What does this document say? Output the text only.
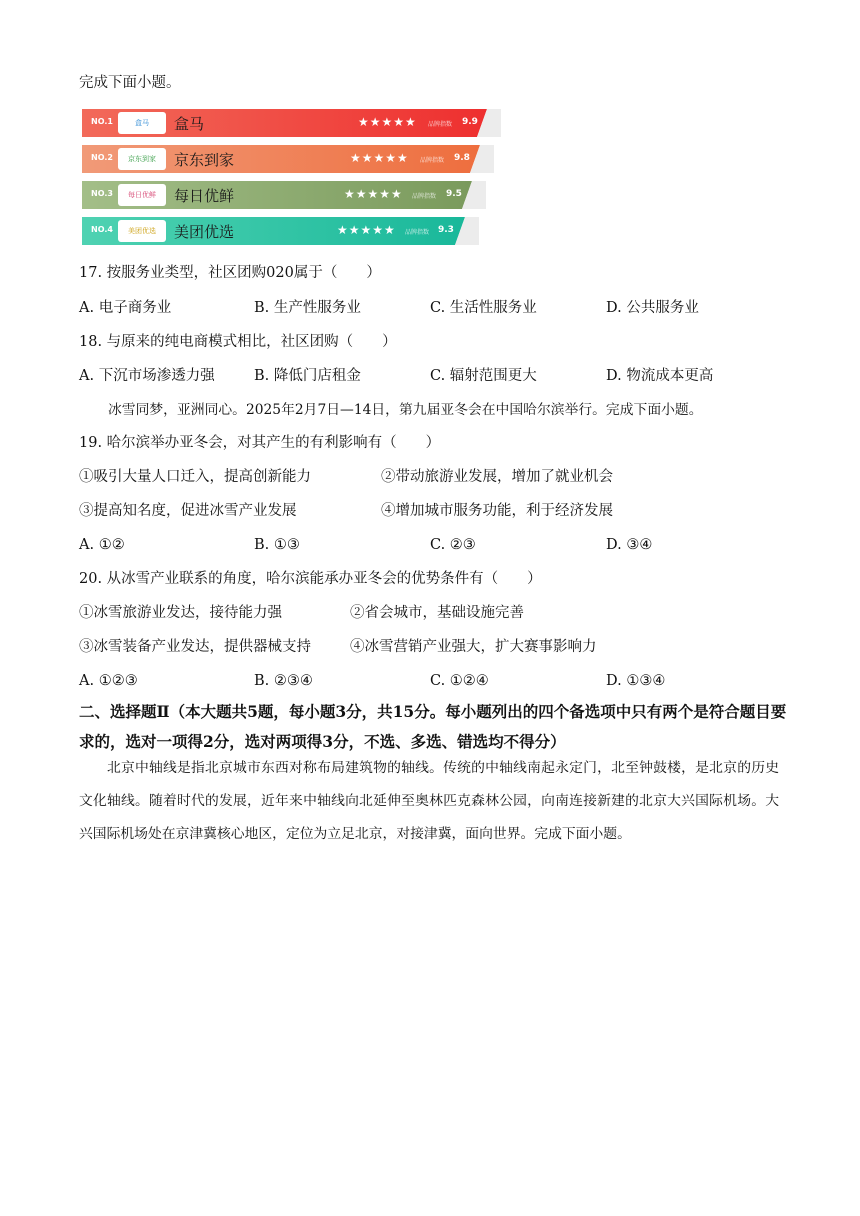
完成下面小题。
NO.1	盒马	盒马	★★★★★ 品牌指数 9.9
NO.2	京东到家	京东到家	★★★★★ 品牌指数 9.8
NO.3	每日优鲜	每日优鲜	★★★★★ 品牌指数 9.5
NO.4	美团优选	美团优选	★★★★★ 品牌指数 9.3
17. 按服务业类型，社区团购020属于（　　）
A. 电子商务业	B. 生产性服务业	C. 生活性服务业	D. 公共服务业
18. 与原来的纯电商模式相比，社区团购（　　）
A. 下沉市场渗透力强	B. 降低门店租金	C. 辐射范围更大	D. 物流成本更高
冰雪同梦，亚洲同心。2025年2月7日—14日，第九届亚冬会在中国哈尔滨举行。完成下面小题。
19. 哈尔滨举办亚冬会，对其产生的有利影响有（　　）
①吸引大量人口迁入，提高创新能力	②带动旅游业发展，增加了就业机会
③提高知名度，促进冰雪产业发展	④增加城市服务功能，利于经济发展
A. ①②	B. ①③	C. ②③	D. ③④
20. 从冰雪产业联系的角度，哈尔滨能承办亚冬会的优势条件有（　　）
①冰雪旅游业发达，接待能力强	②省会城市，基础设施完善
③冰雪装备产业发达，提供器械支持	④冰雪营销产业强大，扩大赛事影响力
A. ①②③	B. ②③④	C. ①②④	D. ①③④
二、选择题Ⅱ（本大题共5题，每小题3分，共15分。每小题列出的四个备选项中只有两个是符合题目要求的，选对一项得2分，选对两项得3分，不选、多选、错选均不得分）
北京中轴线是指北京城市东西对称布局建筑物的轴线。传统的中轴线南起永定门，北至钟鼓楼，是北京的历史文化轴线。随着时代的发展，近年来中轴线向北延伸至奥林匹克森林公园，向南连接新建的北京大兴国际机场。大兴国际机场处在京津冀核心地区，定位为立足北京，对接津冀，面向世界。完成下面小题。
